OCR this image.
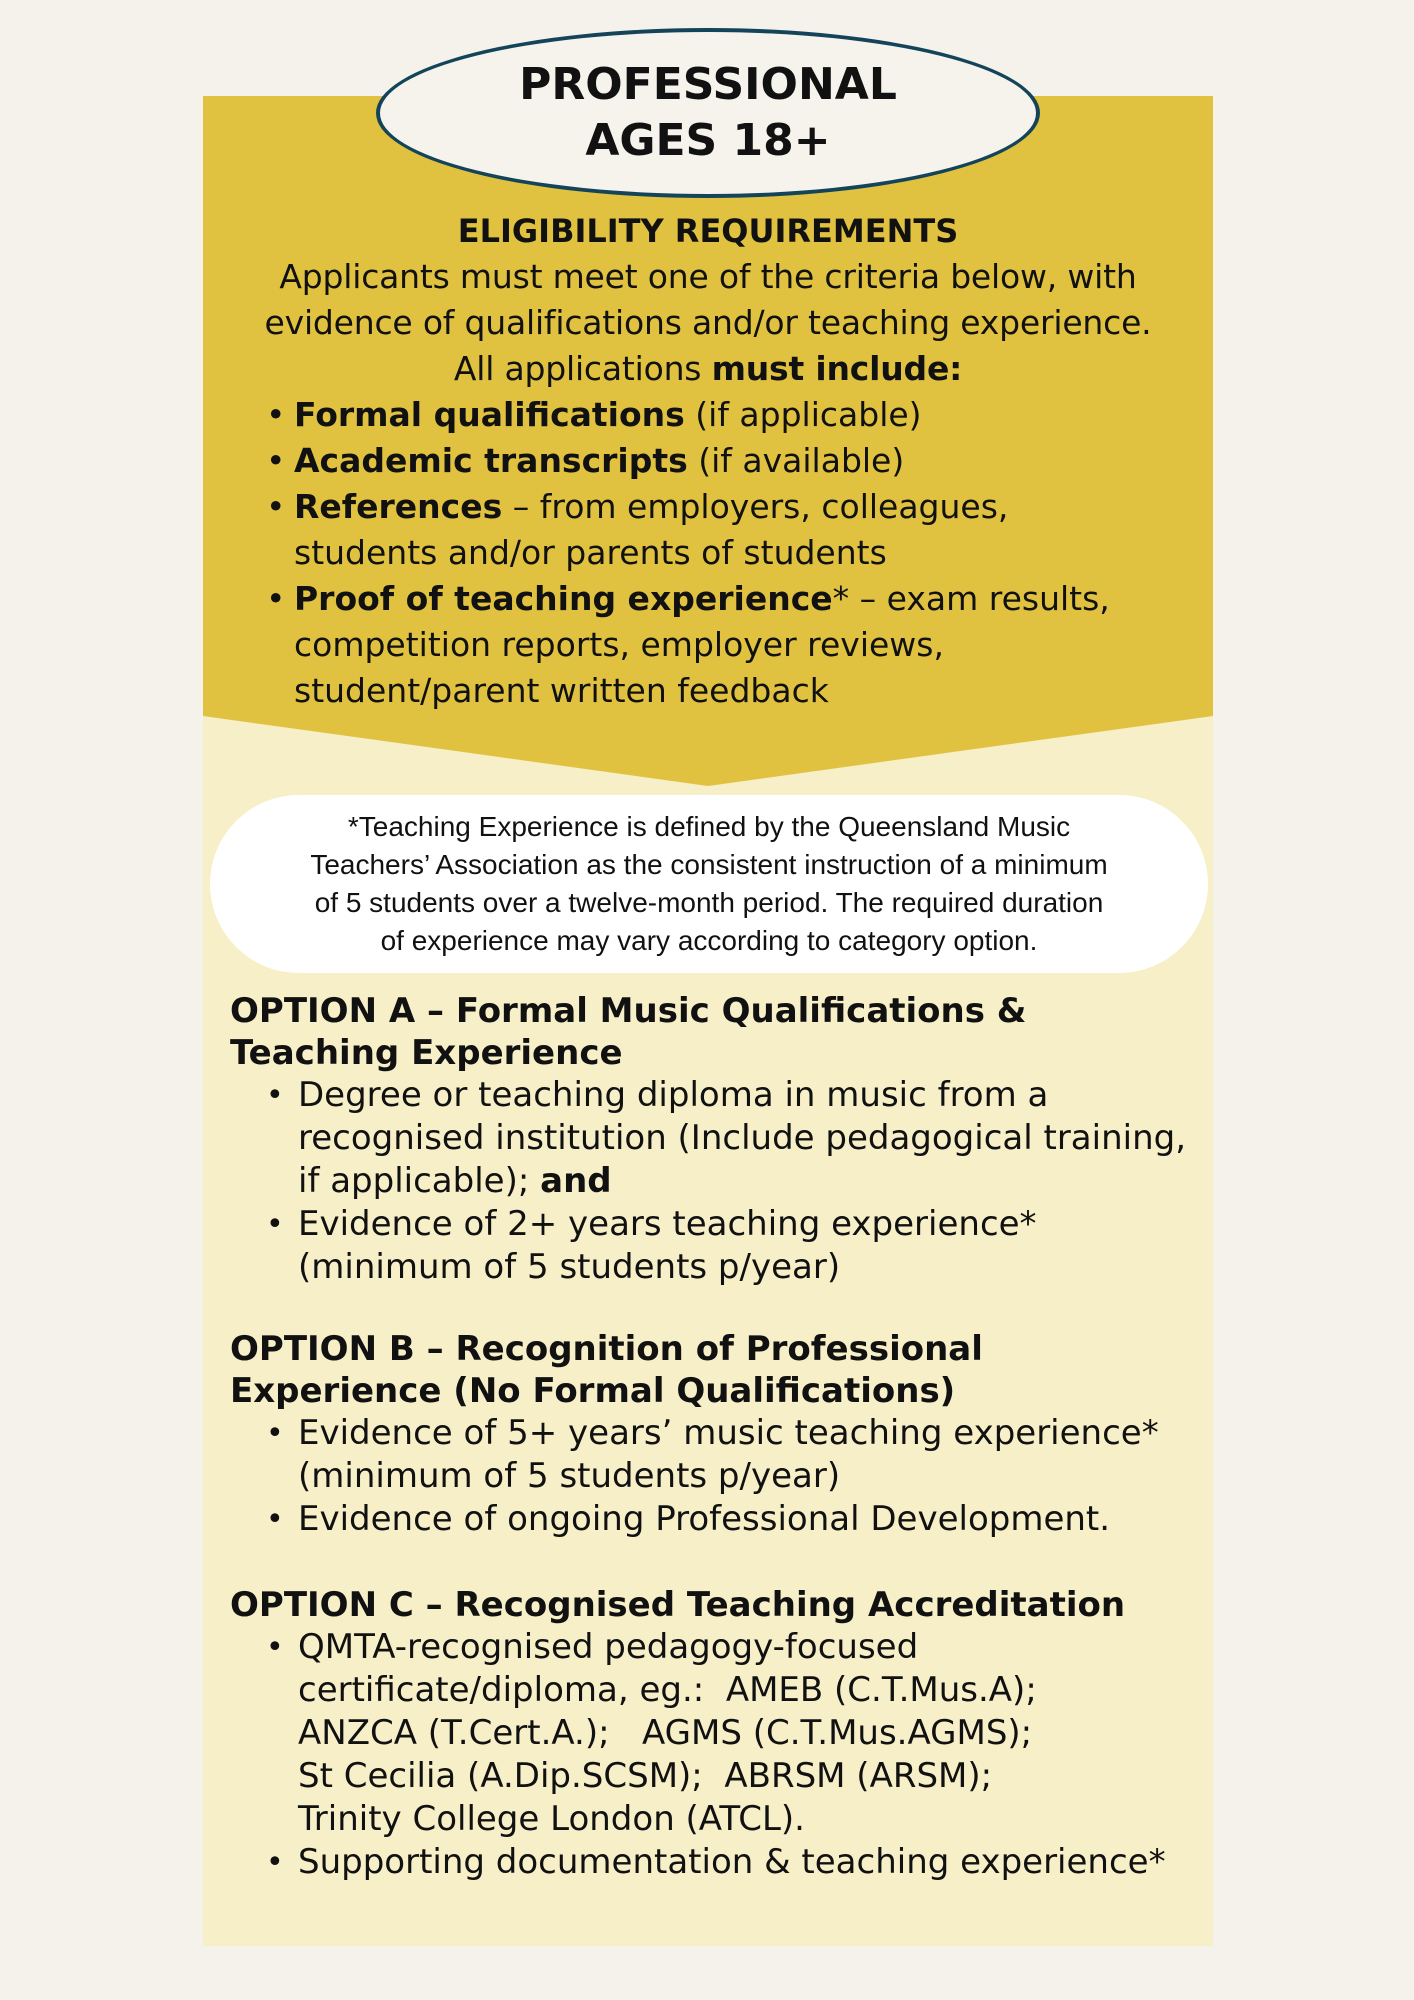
PROFESSIONAL
AGES 18+
ELIGIBILITY REQUIREMENTS
Applicants must meet one of the criteria below, with
evidence of qualifications and/or teaching experience.
All applications must include:
• Formal qualifications (if applicable)
• Academic transcripts (if available)
• References – from employers, colleagues, students and/or parents of students
• Proof of teaching experience* – exam results, competition reports, employer reviews, student/parent written feedback
*Teaching Experience is defined by the Queensland Music
Teachers’ Association as the consistent instruction of a minimum
of 5 students over a twelve-month period. The required duration
of experience may vary according to category option.
OPTION A – Formal Music Qualifications &
Teaching Experience
• Degree or teaching diploma in music from a recognised institution (Include pedagogical training, if applicable); and
• Evidence of 2+ years teaching experience* (minimum of 5 students p/year)
OPTION B – Recognition of Professional
Experience (No Formal Qualifications)
• Evidence of 5+ years’ music teaching experience* (minimum of 5 students p/year)
• Evidence of ongoing Professional Development.
OPTION C – Recognised Teaching Accreditation
• QMTA-recognised pedagogy-focused
certificate/diploma, eg.:  AMEB (C.T.Mus.A);
ANZCA (T.Cert.A.);   AGMS (C.T.Mus.AGMS);
St Cecilia (A.Dip.SCSM);  ABRSM (ARSM);
Trinity College London (ATCL).
• Supporting documentation & teaching experience*
